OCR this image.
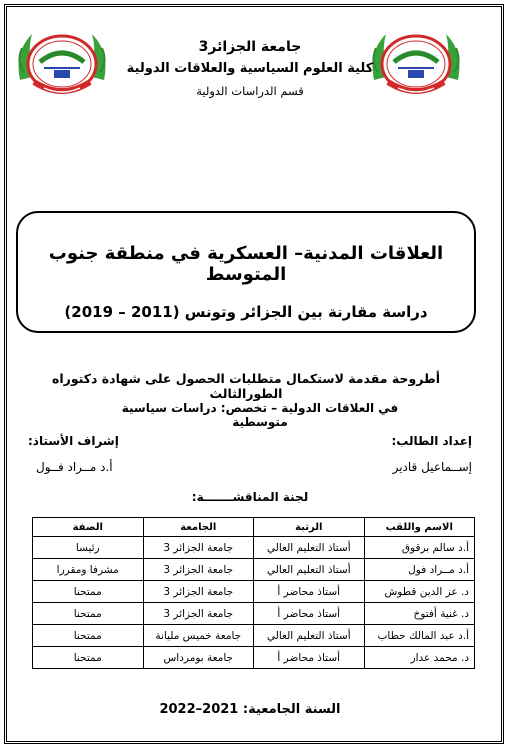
جامعة الجزائر3
كلية العلوم السياسية والعلاقات الدولية
قسم الدراسات الدولية
العلاقات المدنية– العسكرية في منطقة جنوب المتوسط
دراسة مقارنة بين الجزائر وتونس (2011 – 2019)
أطروحة مقدمة لاستكمال متطلبات الحصول على شهادة دكتوراه الطورالثالث
في العلاقات الدولية – تخصص: دراسات سياسية متوسطية
إعداد الطالب:
إشراف الأستاذ:
إســماعيل قادير
أ.د مــراد فــول
لجنة المناقشـــــــة:
الاسم واللقب	الرتبة	الجامعة	الصفة
أ.د سالم برقوق	أستاذ التعليم العالي	جامعة الجزائر 3	رئيسا
أ.د مــراد فول	أستاذ التعليم العالي	جامعة الجزائر 3	مشرفا ومقررا
د. عز الدين قطوش	أستاذ محاضر أ	جامعة الجزائر 3	ممتحنا
د. غنية أفتوخ	أستاذ محاضر أ	جامعة الجزائر 3	ممتحنا
أ.د عبد المالك حطاب	أستاذ التعليم العالي	جامعة خميس مليانة	ممتحنا
د. محمد عدار	أستاذ محاضر أ	جامعة بومرداس	ممتحنا
السنة الجامعية: 2021–2022
